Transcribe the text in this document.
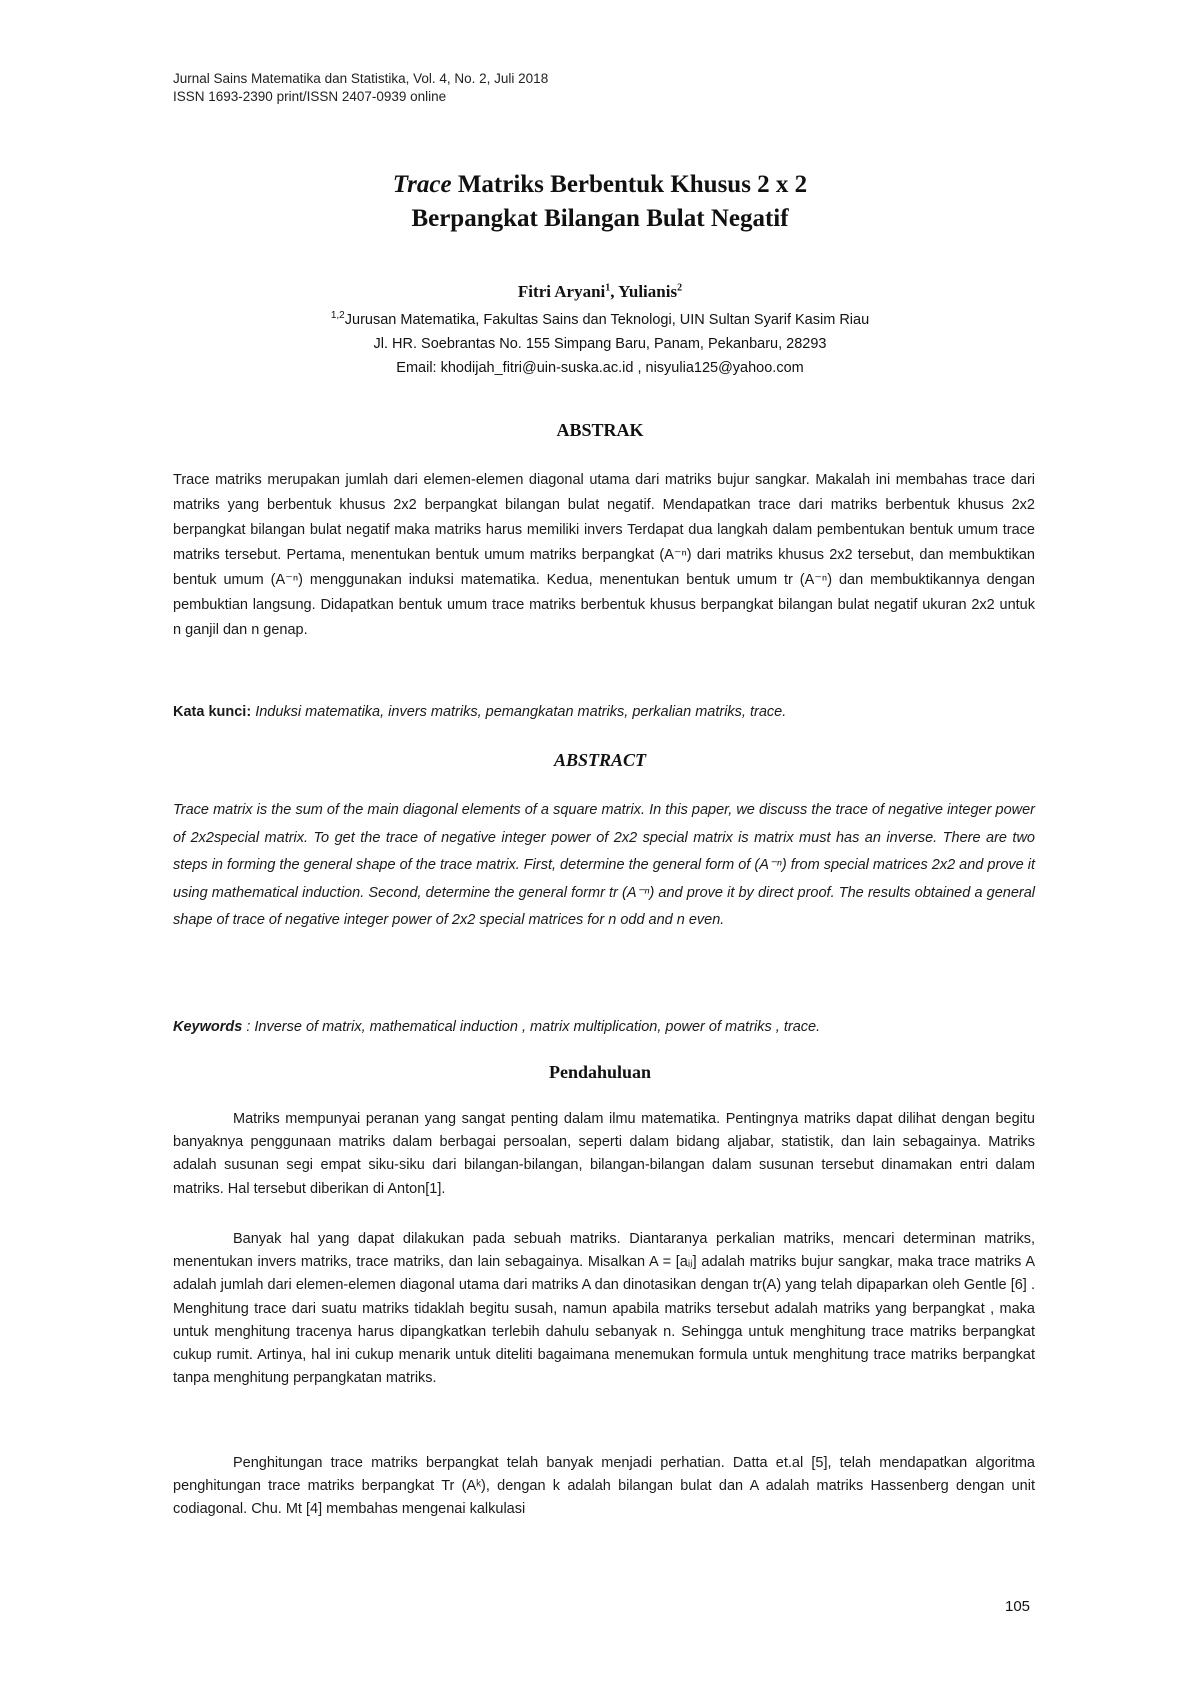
Jurnal Sains Matematika dan Statistika, Vol. 4, No. 2, Juli 2018
ISSN 1693-2390 print/ISSN 2407-0939 online
Trace Matriks Berbentuk Khusus 2 x 2
Berpangkat Bilangan Bulat Negatif
Fitri Aryani$^1$, Yulianis$^2$
$^{1,2}$Jurusan Matematika, Fakultas Sains dan Teknologi, UIN Sultan Syarif Kasim Riau
Jl. HR. Soebrantas No. 155 Simpang Baru, Panam, Pekanbaru, 28293
Email: khodijah_fitri@uin-suska.ac.id , nisyulia125@yahoo.com
ABSTRAK
Trace matriks merupakan jumlah dari elemen-elemen diagonal utama dari matriks bujur sangkar. Makalah ini membahas trace dari matriks yang berbentuk khusus 2x2 berpangkat bilangan bulat negatif. Mendapatkan trace dari matriks berbentuk khusus 2x2 berpangkat bilangan bulat negatif maka matriks harus memiliki invers Terdapat dua langkah dalam pembentukan bentuk umum trace matriks tersebut. Pertama, menentukan bentuk umum matriks berpangkat (A⁻ⁿ) dari matriks khusus 2x2 tersebut, dan membuktikan bentuk umum (A⁻ⁿ) menggunakan induksi matematika. Kedua, menentukan bentuk umum tr (A⁻ⁿ) dan membuktikannya dengan pembuktian langsung. Didapatkan bentuk umum trace matriks berbentuk khusus berpangkat bilangan bulat negatif ukuran 2x2 untuk n ganjil dan n genap.
Kata kunci: Induksi matematika, invers matriks, pemangkatan matriks, perkalian matriks, trace.
ABSTRACT
Trace matrix is the sum of the main diagonal elements of a square matrix. In this paper, we discuss the trace of negative integer power of 2x2special matrix. To get the trace of negative integer power of 2x2 special matrix is matrix must has an inverse. There are two steps in forming the general shape of the trace matrix. First, determine the general form of (A⁻ⁿ) from special matrices 2x2 and prove it using mathematical induction. Second, determine the general formr tr (A⁻ⁿ) and prove it by direct proof. The results obtained a general shape of trace of negative integer power of 2x2 special matrices for n odd and n even.
Keywords : Inverse of matrix, mathematical induction , matrix multiplication, power of matriks , trace.
Pendahuluan
Matriks mempunyai peranan yang sangat penting dalam ilmu matematika. Pentingnya matriks dapat dilihat dengan begitu banyaknya penggunaan matriks dalam berbagai persoalan, seperti dalam bidang aljabar, statistik, dan lain sebagainya. Matriks adalah susunan segi empat siku-siku dari bilangan-bilangan, bilangan-bilangan dalam susunan tersebut dinamakan entri dalam matriks. Hal tersebut diberikan di Anton[1].
Banyak hal yang dapat dilakukan pada sebuah matriks. Diantaranya perkalian matriks, mencari determinan matriks, menentukan invers matriks, trace matriks, dan lain sebagainya. Misalkan A = [aᵢⱼ] adalah matriks bujur sangkar, maka trace matriks A adalah jumlah dari elemen-elemen diagonal utama dari matriks A dan dinotasikan dengan tr(A) yang telah dipaparkan oleh Gentle [6] . Menghitung trace dari suatu matriks tidaklah begitu susah, namun apabila matriks tersebut adalah matriks yang berpangkat , maka untuk menghitung tracenya harus dipangkatkan terlebih dahulu sebanyak n. Sehingga untuk menghitung trace matriks berpangkat cukup rumit. Artinya, hal ini cukup menarik untuk diteliti bagaimana menemukan formula untuk menghitung trace matriks berpangkat tanpa menghitung perpangkatan matriks.
Penghitungan trace matriks berpangkat telah banyak menjadi perhatian. Datta et.al [5], telah mendapatkan algoritma penghitungan trace matriks berpangkat Tr (Aᵏ), dengan k adalah bilangan bulat dan A adalah matriks Hassenberg dengan unit codiagonal. Chu. Mt [4] membahas mengenai kalkulasi
105
